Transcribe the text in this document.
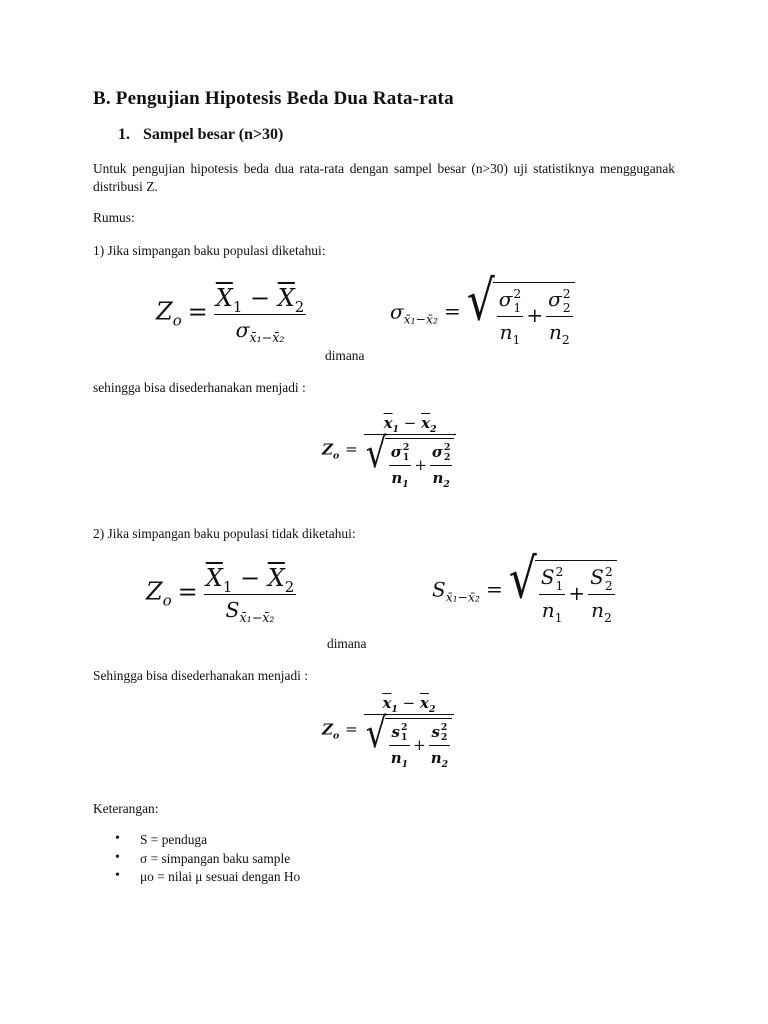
B. Pengujian Hipotesis Beda Dua Rata-rata
1. Sampel besar (n>30)
Untuk pengujian hipotesis beda dua rata-rata dengan sampel besar (n>30) uji statistiknya mengguganak distribusi Z.
Rumus:
1) Jika simpangan baku populasi diketahui:
$Z_o = \frac{\overline{X}_1 - \overline{X}_2}{\sigma_{x̄_1-x̄_2}}$	$\sigma_{x̄_1-x̄_2}$ = √ σ 2
1
$n_1 + \sigma$ 2
2
$n_2$
dimana
sehingga bisa disederhanakan menjadi :
$Z_o = \overline{x}_1 - \overline{x}_2$
√ σ 2
1
$n_1 + \sigma$ 2
2
$n_2$
2) Jika simpangan baku populasi tidak diketahui:
$Z_o = \frac{\overline{X}_1 - \overline{X}_2}{S_{x̄_1-x̄_2}}$	$S_{x̄_1-x̄_2}$ = √ S 2
1
$n_1 + S$ 2
2
$n_2$
dimana
Sehingga bisa disederhanakan menjadi :
$Z_o = \overline{x}_1 - \overline{x}_2$
√ s 2
1
$n_1 + s$ 2
2
$n_2$
Keterangan:
• S = penduga
• σ = simpangan baku sample
• μo = nilai μ sesuai dengan Ho
